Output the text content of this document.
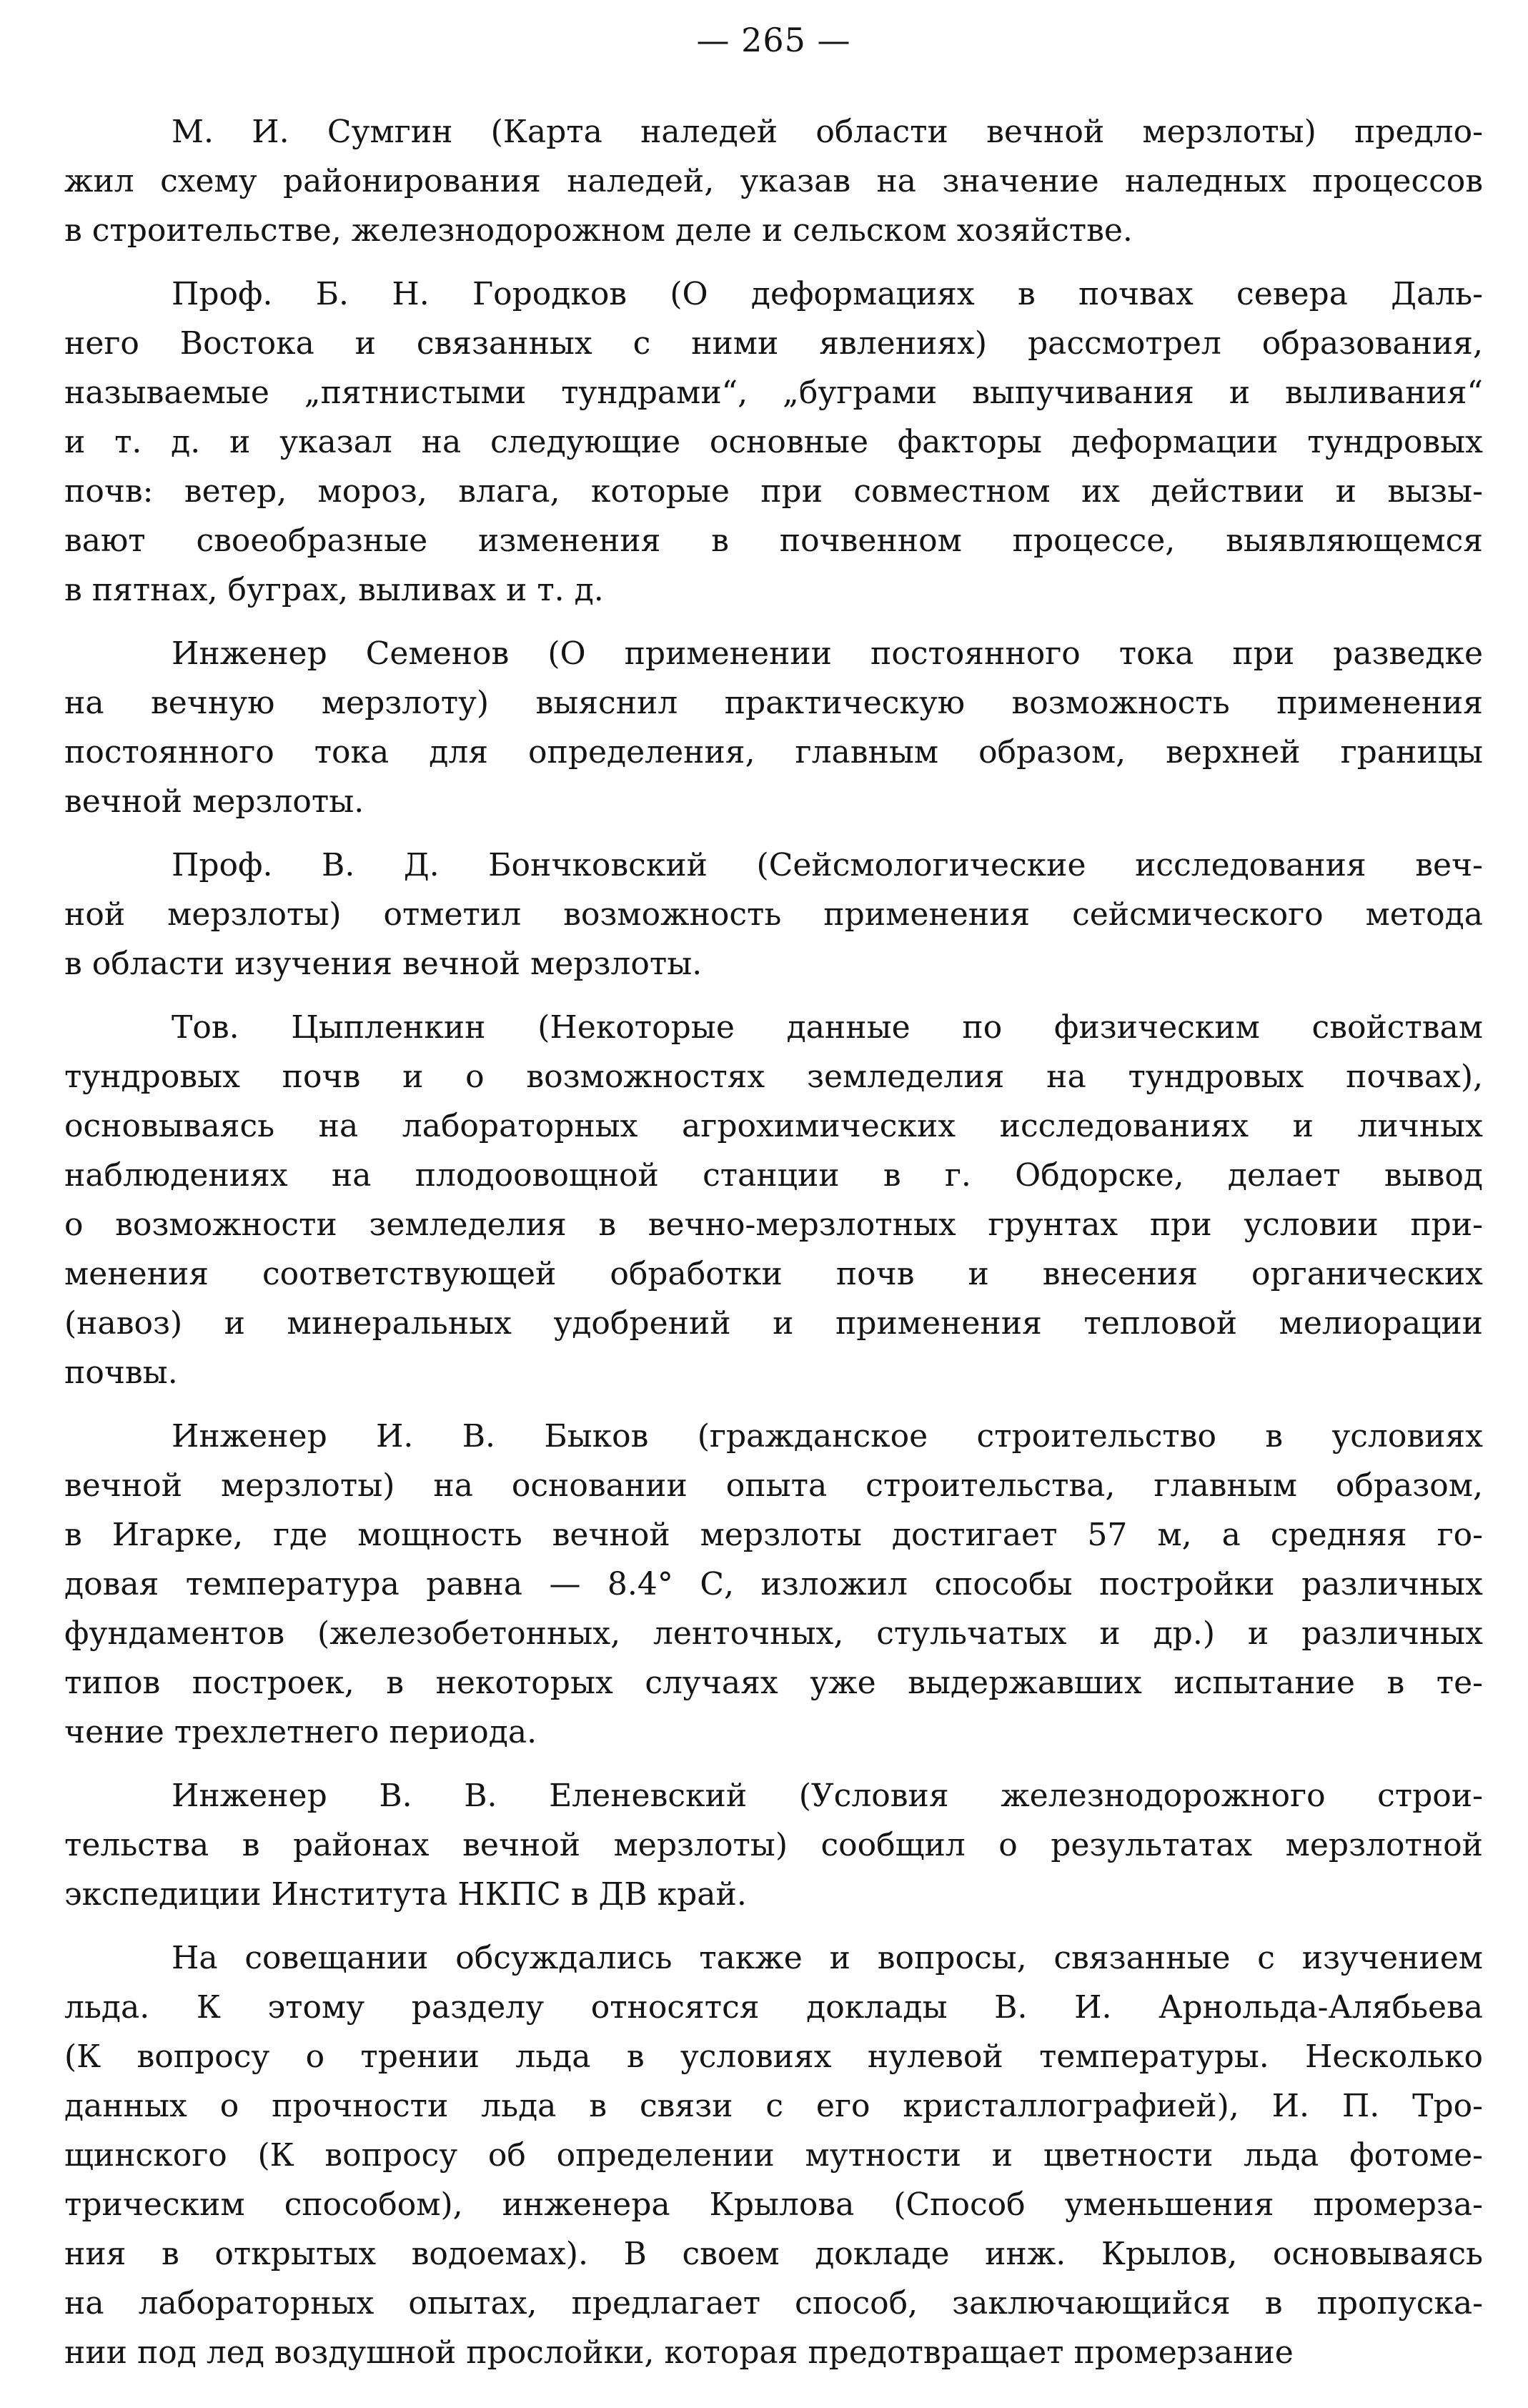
— 265 —
М. И. Сумгин (Карта наледей области вечной мерзлоты) предло-
жил схему районирования наледей, указав на значение наледных процессов
в строительстве, железнодорожном деле и сельском хозяйстве.
Проф. Б. Н. Городков (О деформациях в почвах севера Даль-
него Востока и связанных с ними явлениях) рассмотрел образования,
называемые „пятнистыми тундрами“, „буграми выпучивания и выливания“
и т. д. и указал на следующие основные факторы деформации тундровых
почв: ветер, мороз, влага, которые при совместном их действии и вызы-
вают своеобразные изменения в почвенном процессе, выявляющемся
в пятнах, буграх, выливах и т. д.
Инженер Семенов (О применении постоянного тока при разведке
на вечную мерзлоту) выяснил практическую возможность применения
постоянного тока для определения, главным образом, верхней границы
вечной мерзлоты.
Проф. В. Д. Бончковский (Сейсмологические исследования веч-
ной мерзлоты) отметил возможность применения сейсмического метода
в области изучения вечной мерзлоты.
Тов. Цыпленкин (Некоторые данные по физическим свойствам
тундровых почв и о возможностях земледелия на тундровых почвах),
основываясь на лабораторных агрохимических исследованиях и личных
наблюдениях на плодоовощной станции в г. Обдорске, делает вывод
о возможности земледелия в вечно-мерзлотных грунтах при условии при-
менения соответствующей обработки почв и внесения органических
(навоз) и минеральных удобрений и применения тепловой мелиорации
почвы.
Инженер И. В. Быков (гражданское строительство в условиях
вечной мерзлоты) на основании опыта строительства, главным образом,
в Игарке, где мощность вечной мерзлоты достигает 57 м, а средняя го-
довая температура равна — 8.4° С, изложил способы постройки различных
фундаментов (железобетонных, ленточных, стульчатых и др.) и различных
типов построек, в некоторых случаях уже выдержавших испытание в те-
чение трехлетнего периода.
Инженер В. В. Еленевский (Условия железнодорожного строи-
тельства в районах вечной мерзлоты) сообщил о результатах мерзлотной
экспедиции Института НКПС в ДВ край.
На совещании обсуждались также и вопросы, связанные с изучением
льда. К этому разделу относятся доклады В. И. Арнольда-Алябьева
(К вопросу о трении льда в условиях нулевой температуры. Несколько
данных о прочности льда в связи с его кристаллографией), И. П. Тро-
щинского (К вопросу об определении мутности и цветности льда фотоме-
трическим способом), инженера Крылова (Способ уменьшения промерза-
ния в открытых водоемах). В своем докладе инж. Крылов, основываясь
на лабораторных опытах, предлагает способ, заключающийся в пропуска-
нии под лед воздушной прослойки, которая предотвращает промерзание
